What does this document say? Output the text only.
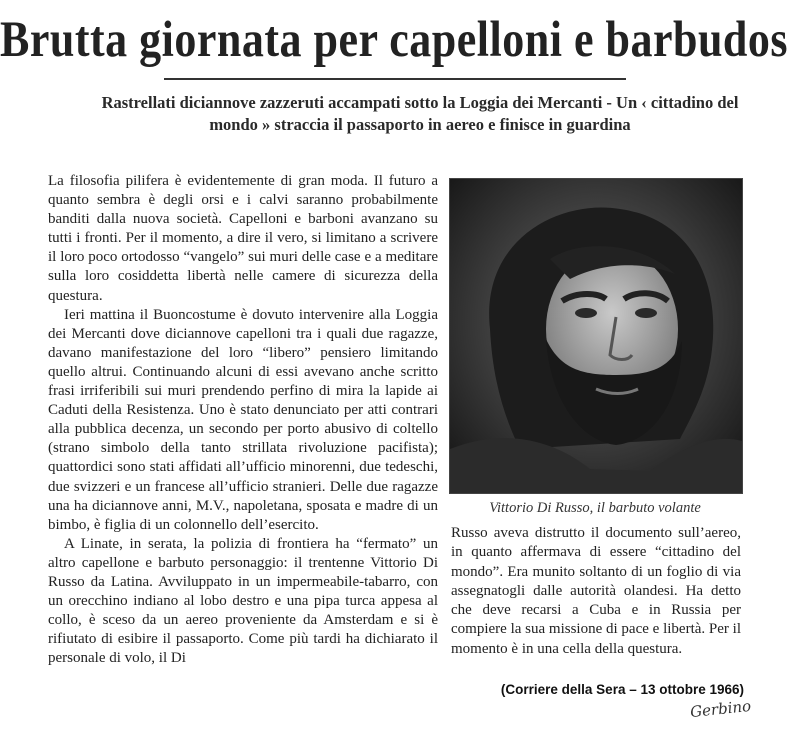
Brutta giornata per capelloni e barbudos

Rastrellati diciannove zazzeruti accampati sotto la Loggia dei Mercanti - Un ‹ cittadino del mondo » straccia il passaporto in aereo e finisce in guardina

La filosofia pilifera è evidentemente di gran moda. Il futuro a quanto sembra è degli orsi e i calvi saranno probabilmente banditi dalla nuova società. Capelloni e barboni avanzano su tutti i fronti. Per il momento, a dire il vero, si limitano a scrivere il loro poco ortodosso “vangelo” sui muri delle case e a meditare sulla loro cosiddetta libertà nelle camere di sicurezza della questura.

Ieri mattina il Buoncostume è dovuto intervenire alla Loggia dei Mercanti dove diciannove capelloni tra i quali due ragazze, davano manifestazione del loro “libero” pensiero limitando quello altrui. Continuando alcuni di essi avevano anche scritto frasi irriferibili sui muri prendendo perfino di mira la lapide ai Caduti della Resistenza. Uno è stato denunciato per atti contrari alla pubblica decenza, un secondo per porto abusivo di coltello (strano simbolo della tanto strillata rivoluzione pacifista); quattordici sono stati affidati all’ufficio minorenni, due tedeschi, due svizzeri e un francese all’ufficio stranieri. Delle due ragazze una ha diciannove anni, M.V., napoletana, sposata e madre di un bimbo, è figlia di un colonnello dell’esercito.

A Linate, in serata, la polizia di frontiera ha “fermato” un altro capellone e barbuto personaggio: il trentenne Vittorio Di Russo da Latina. Avviluppato in un impermeabile-tabarro, con un orecchino indiano al lobo destro e una pipa turca appesa al collo, è sceso da un aereo proveniente da Amsterdam e si è rifiutato di esibire il passaporto. Come più tardi ha dichiarato il personale di volo, il Di

Vittorio Di Russo, il barbuto volante

Russo aveva distrutto il documento sull’aereo, in quanto affermava di essere “cittadino del mondo”. Era munito soltanto di un foglio di via assegnatogli dalle autorità olandesi. Ha detto che deve recarsi a Cuba e in Russia per compiere la sua missione di pace e libertà. Per il momento è in una cella della questura.

(Corriere della Sera – 13 ottobre 1966)
Gerbino
